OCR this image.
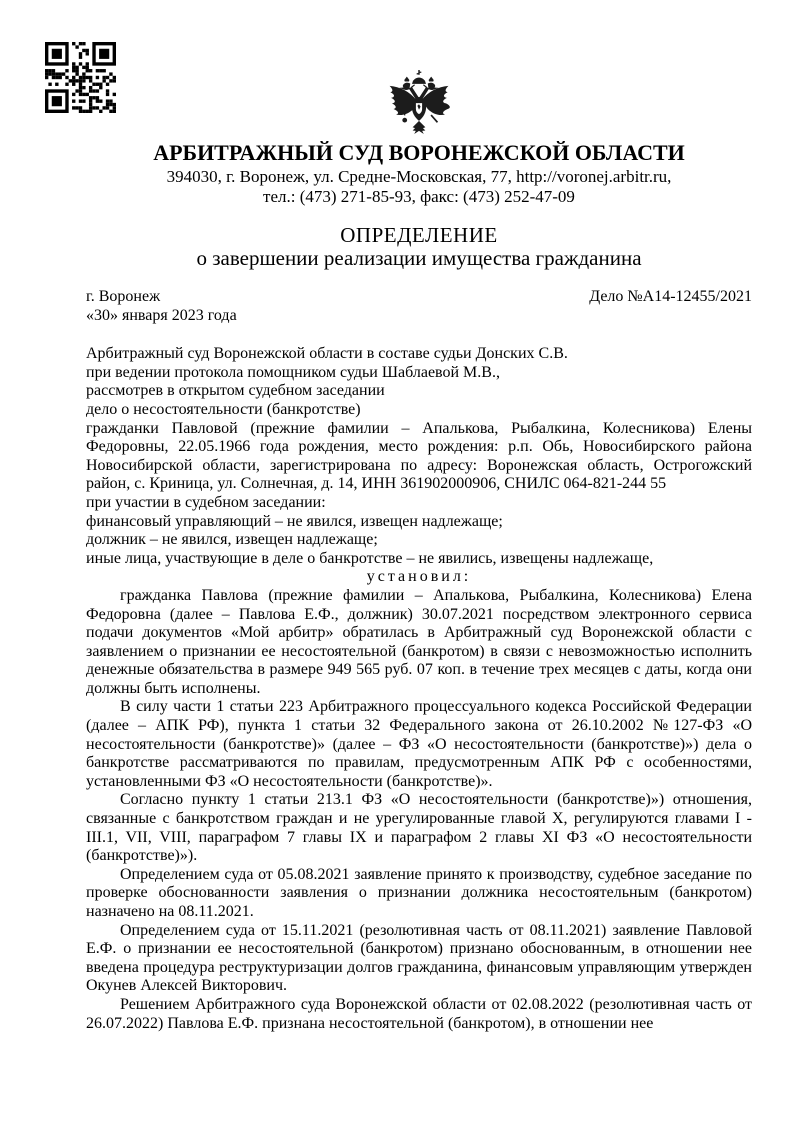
АРБИТРАЖНЫЙ СУД ВОРОНЕЖСКОЙ ОБЛАСТИ
394030, г. Воронеж, ул. Средне-Московская, 77, http://voronej.arbitr.ru,
тел.: (473) 271-85-93, факс: (473) 252-47-09
ОПРЕДЕЛЕНИЕ
о завершении реализации имущества гражданина
г. Воронеж	Дело №А14-12455/2021
«30» января 2023 года
Арбитражный суд Воронежской области в составе судьи Донских С.В.
при ведении протокола помощником судьи Шаблаевой М.В.,
рассмотрев в открытом судебном заседании
дело о несостоятельности (банкротстве)
гражданки Павловой (прежние фамилии – Апалькова, Рыбалкина, Колесникова) Елены Федоровны, 22.05.1966 года рождения, место рождения: р.п. Обь, Новосибирского района Новосибирской области, зарегистрирована по адресу: Воронежская область, Острогожский район, с. Криница, ул. Солнечная, д. 14, ИНН 361902000906, СНИЛС 064-821-244 55
при участии в судебном заседании:
финансовый управляющий – не явился, извещен надлежаще;
должник – не явился, извещен надлежаще;
иные лица, участвующие в деле о банкротстве – не явились, извещены надлежаще,
установил:

гражданка Павлова (прежние фамилии – Апалькова, Рыбалкина, Колесникова) Елена Федоровна (далее – Павлова Е.Ф., должник) 30.07.2021 посредством электронного сервиса подачи документов «Мой арбитр» обратилась в Арбитражный суд Воронежской области с заявлением о признании ее несостоятельной (банкротом) в связи с невозможностью исполнить денежные обязательства в размере 949 565 руб. 07 коп. в течение трех месяцев с даты, когда они должны быть исполнены.

В силу части 1 статьи 223 Арбитражного процессуального кодекса Российской Федерации (далее – АПК РФ), пункта 1 статьи 32 Федерального закона от 26.10.2002 №127-ФЗ «О несостоятельности (банкротстве)» (далее – ФЗ «О несостоятельности (банкротстве)») дела о банкротстве рассматриваются по правилам, предусмотренным АПК РФ с особенностями, установленными ФЗ «О несостоятельности (банкротстве)».

Согласно пункту 1 статьи 213.1 ФЗ «О несостоятельности (банкротстве)») отношения, связанные с банкротством граждан и не урегулированные главой X, регулируются главами I - III.1, VII, VIII, параграфом 7 главы IX и параграфом 2 главы XI ФЗ «О несостоятельности (банкротстве)»).

Определением суда от 05.08.2021 заявление принято к производству, судебное заседание по проверке обоснованности заявления о признании должника несостоятельным (банкротом) назначено на 08.11.2021.

Определением суда от 15.11.2021 (резолютивная часть от 08.11.2021) заявление Павловой Е.Ф. о признании ее несостоятельной (банкротом) признано обоснованным, в отношении нее введена процедура реструктуризации долгов гражданина, финансовым управляющим утвержден Окунев Алексей Викторович.

Решением Арбитражного суда Воронежской области от 02.08.2022 (резолютивная часть от 26.07.2022) Павлова Е.Ф. признана несостоятельной (банкротом), в отношении нее
